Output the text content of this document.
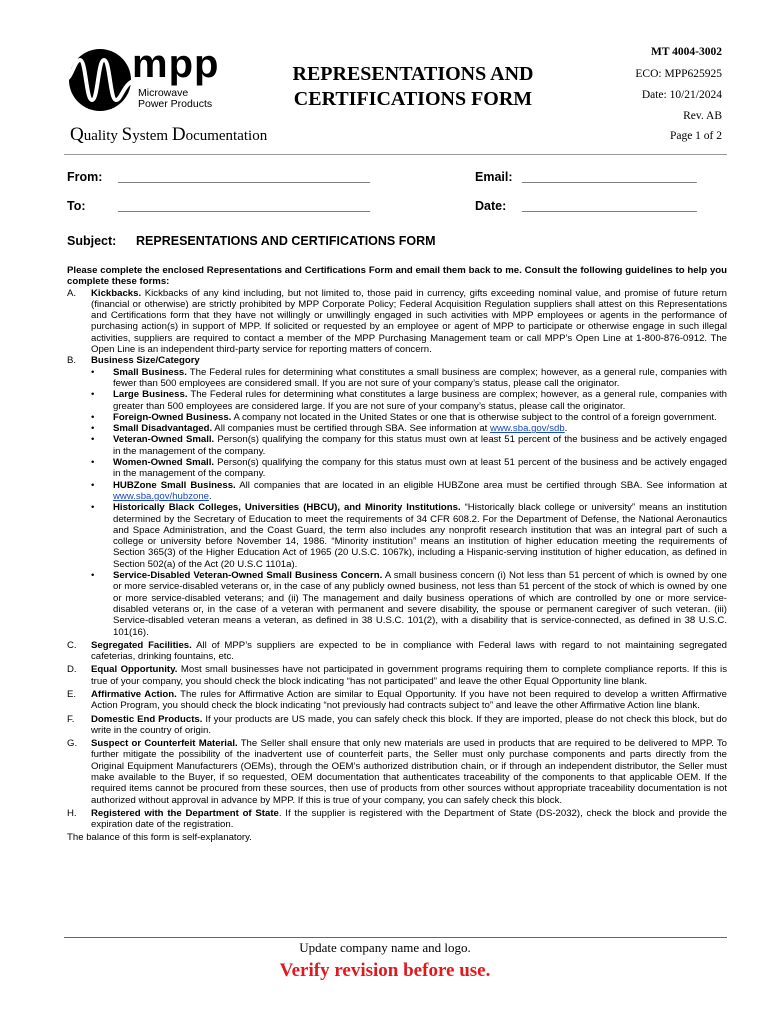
mpp
Microwave
Power Products
REPRESENTATIONS AND
CERTIFICATIONS FORM
MT 4004-3002
ECO: MPP625925
Date: 10/21/2024
Rev. AB
Page 1 of 2
Quality System Documentation
From: _______________________________________	Email: ___________________________
To:	_______________________________________	Date: ___________________________
Subject: REPRESENTATIONS AND CERTIFICATIONS FORM

Please complete the enclosed Representations and Certifications Form and email them back to me. Consult the following guidelines to help you complete these forms:

A. Kickbacks. Kickbacks of any kind including, but not limited to, those paid in currency, gifts exceeding nominal value, and promise of future return (financial or otherwise) are strictly prohibited by MPP Corporate Policy; Federal Acquisition Regulation suppliers shall attest on this Representations and Certifications form that they have not willingly or unwillingly engaged in such activities with MPP employees or agents in the performance of purchasing action(s) in support of MPP. If solicited or requested by an employee or agent of MPP to participate or otherwise engage in such illegal activities, suppliers are required to contact a member of the MPP Purchasing Management team or call MPP’s Open Line at 1-800-876-0912. The Open Line is an independent third-party service for reporting matters of concern.
B. Business Size/Category
• Small Business. The Federal rules for determining what constitutes a small business are complex; however, as a general rule, companies with fewer than 500 employees are considered small. If you are not sure of your company’s status, please call the originator.
• Large Business. The Federal rules for determining what constitutes a large business are complex; however, as a general rule, companies with greater than 500 employees are considered large. If you are not sure of your company’s status, please call the originator.
• Foreign-Owned Business. A company not located in the United States or one that is otherwise subject to the control of a foreign government.
• Small Disadvantaged. All companies must be certified through SBA. See information at www.sba.gov/sdb.
• Veteran-Owned Small. Person(s) qualifying the company for this status must own at least 51 percent of the business and be actively engaged in the management of the company.
• Women-Owned Small. Person(s) qualifying the company for this status must own at least 51 percent of the business and be actively engaged in the management of the company.
• HUBZone Small Business. All companies that are located in an eligible HUBZone area must be certified through SBA. See information at www.sba.gov/hubzone.
• Historically Black Colleges, Universities (HBCU), and Minority Institutions. “Historically black college or university” means an institution determined by the Secretary of Education to meet the requirements of 34 CFR 608.2. For the Department of Defense, the National Aeronautics and Space Administration, and the Coast Guard, the term also includes any nonprofit research institution that was an integral part of such a college or university before November 14, 1986. “Minority institution” means an institution of higher education meeting the requirements of Section 365(3) of the Higher Education Act of 1965 (20 U.S.C. 1067k), including a Hispanic-serving institution of higher education, as defined in Section 502(a) of the Act (20 U.S.C 1101a).
• Service-Disabled Veteran-Owned Small Business Concern. A small business concern (i) Not less than 51 percent of which is owned by one or more service-disabled veterans or, in the case of any publicly owned business, not less than 51 percent of the stock of which is owned by one or more service-disabled veterans; and (ii) The management and daily business operations of which are controlled by one or more service-disabled veterans or, in the case of a veteran with permanent and severe disability, the spouse or permanent caregiver of such veteran. (iii) Service-disabled veteran means a veteran, as defined in 38 U.S.C. 101(2), with a disability that is service-connected, as defined in 38 U.S.C. 101(16).
C. Segregated Facilities. All of MPP’s suppliers are expected to be in compliance with Federal laws with regard to not maintaining segregated cafeterias, drinking fountains, etc.
D. Equal Opportunity. Most small businesses have not participated in government programs requiring them to complete compliance reports. If this is true of your company, you should check the block indicating “has not participated” and leave the other Equal Opportunity line blank.
E. Affirmative Action. The rules for Affirmative Action are similar to Equal Opportunity. If you have not been required to develop a written Affirmative Action Program, you should check the block indicating “not previously had contracts subject to” and leave the other Affirmative Action line blank.
F. Domestic End Products. If your products are US made, you can safely check this block. If they are imported, please do not check this block, but do write in the country of origin.
G. Suspect or Counterfeit Material. The Seller shall ensure that only new materials are used in products that are required to be delivered to MPP. To further mitigate the possibility of the inadvertent use of counterfeit parts, the Seller must only purchase components and parts directly from the Original Equipment Manufacturers (OEMs), through the OEM’s authorized distribution chain, or if through an independent distributor, the Seller must make available to the Buyer, if so requested, OEM documentation that authenticates traceability of the components to that applicable OEM. If the required items cannot be procured from these sources, then use of products from other sources without appropriate traceability documentation is not authorized without approval in advance by MPP. If this is true of your company, you can safely check this block.
H. Registered with the Department of State. If the supplier is registered with the Department of State (DS-2032), check the block and provide the expiration date of the registration.

The balance of this form is self-explanatory.

Update company name and logo.
Verify revision before use.
